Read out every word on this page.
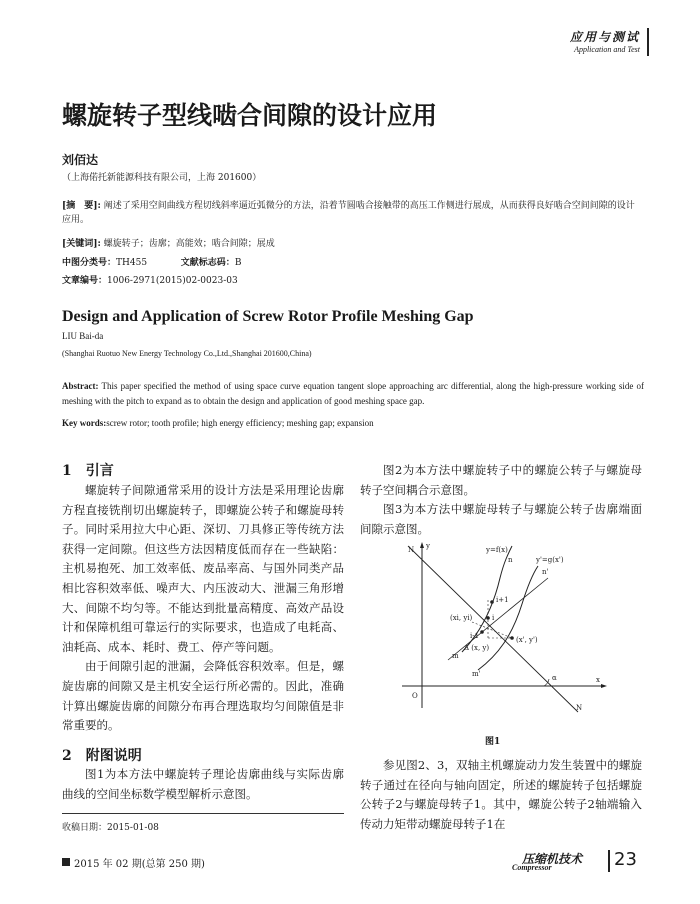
应用与测试
Application and Test
螺旋转子型线啮合间隙的设计应用
刘佰达
（上海偌托新能源科技有限公司，上海 201600）
[摘　要]: 阐述了采用空间曲线方程切线斜率逼近弧微分的方法，沿着节圆啮合接触带的高压工作侧进行展成，从而获得良好啮合空间间隙的设计应用。
[关键词]: 螺旋转子；齿廓；高能效；啮合间隙；展成
中图分类号：TH455	文献标志码：B
文章编号：1006-2971(2015)02-0023-03
Design and Application of Screw Rotor Profile Meshing Gap
LIU Bai-da
(Shanghai Ruotuo New Energy Technology Co.,Ltd.,Shanghai 201600,China)
Abstract: This paper specified the method of using space curve equation tangent slope approaching arc differential, along the high-pressure working side of meshing with the pitch to expand as to obtain the design and application of good meshing space gap.
Key words:screw rotor; tooth profile; high energy efficiency; meshing gap; expansion
1　引言

螺旋转子间隙通常采用的设计方法是采用理论齿廓方程直接铣削切出螺旋转子，即螺旋公转子和螺旋母转子。同时采用拉大中心距、深切、刀具修正等传统方法获得一定间隙。但这些方法因精度低而存在一些缺陷：主机易抱死、加工效率低、废品率高、与国外同类产品相比容积效率低、噪声大、内压波动大、泄漏三角形增大、间隙不均匀等。不能达到批量高精度、高效产品设计和保障机组可靠运行的实际要求，也造成了电耗高、油耗高、成本、耗时、费工、停产等问题。

由于间隙引起的泄漏，会降低容积效率。但是，螺旋齿廓的间隙又是主机安全运行所必需的。因此，准确计算出螺旋齿廓的间隙分布再合理选取均匀间隙值是非常重要的。

2　附图说明

图1为本方法中螺旋转子理论齿廓曲线与实际齿廓曲线的空间坐标数学模型解析示意图。

收稿日期：2015-01-08

图2为本方法中螺旋转子中的螺旋公转子与螺旋母转子空间耦合示意图。

图3为本方法中螺旋母转子与螺旋公转子齿廓端面间隙示意图。

N y
O
x
N
y=f(x)
n	y'=g(x')
n'
i+1
(xi, yi)	i
i-1
Δ (x, y)
(x', y')
m
m'	α
图1

参见图2、3，双轴主机螺旋动力发生装置中的螺旋转子通过在径向与轴向固定，所述的螺旋转子包括螺旋公转子2与螺旋母转子1。其中，螺旋公转子2轴端输入传动力矩带动螺旋母转子1在

2015 年 02 期(总第 250 期)	压缩机技术
Compressor	23
